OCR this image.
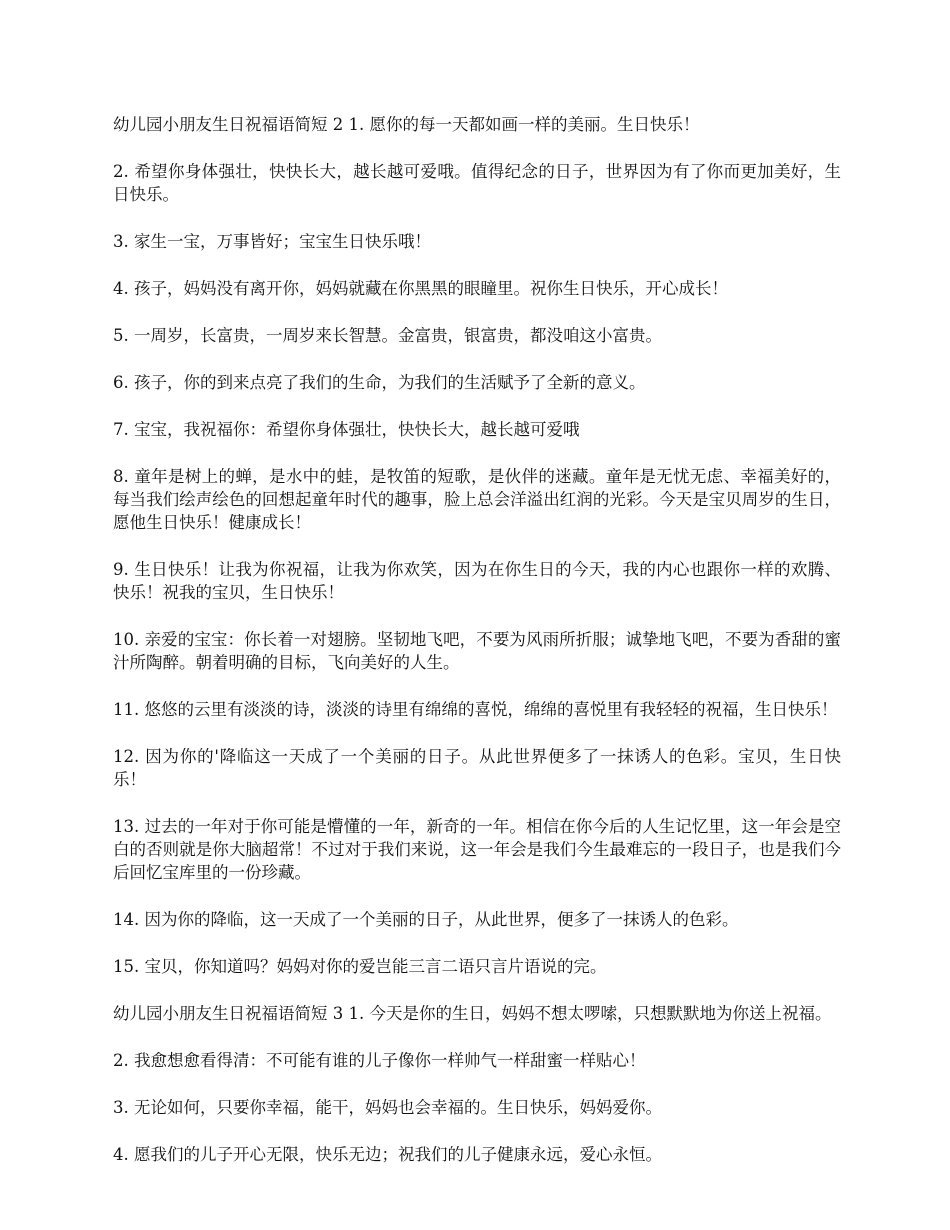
幼儿园小朋友生日祝福语简短 2 1. 愿你的每一天都如画一样的美丽。生日快乐！

2. 希望你身体强壮，快快长大，越长越可爱哦。值得纪念的日子，世界因为有了你而更加美好，生日快乐。

3. 家生一宝，万事皆好；宝宝生日快乐哦！

4. 孩子，妈妈没有离开你，妈妈就藏在你黑黑的眼瞳里。祝你生日快乐，开心成长！

5. 一周岁，长富贵，一周岁来长智慧。金富贵，银富贵，都没咱这小富贵。

6. 孩子，你的到来点亮了我们的生命，为我们的生活赋予了全新的意义。

7. 宝宝，我祝福你：希望你身体强壮，快快长大，越长越可爱哦

8. 童年是树上的蝉，是水中的蛙，是牧笛的短歌，是伙伴的迷藏。童年是无忧无虑、幸福美好的，每当我们绘声绘色的回想起童年时代的趣事，脸上总会洋溢出红润的光彩。今天是宝贝周岁的生日，愿他生日快乐！健康成长！

9. 生日快乐！让我为你祝福，让我为你欢笑，因为在你生日的今天，我的内心也跟你一样的欢腾、快乐！祝我的宝贝，生日快乐！

10. 亲爱的宝宝：你长着一对翅膀。坚韧地飞吧，不要为风雨所折服；诚挚地飞吧，不要为香甜的蜜汁所陶醉。朝着明确的目标，飞向美好的人生。

11. 悠悠的云里有淡淡的诗，淡淡的诗里有绵绵的喜悦，绵绵的喜悦里有我轻轻的祝福，生日快乐！

12. 因为你的'降临这一天成了一个美丽的日子。从此世界便多了一抹诱人的色彩。宝贝，生日快乐！

13. 过去的一年对于你可能是懵懂的一年，新奇的一年。相信在你今后的人生记忆里，这一年会是空白的否则就是你大脑超常！不过对于我们来说，这一年会是我们今生最难忘的一段日子，也是我们今后回忆宝库里的一份珍藏。

14. 因为你的降临，这一天成了一个美丽的日子，从此世界，便多了一抹诱人的色彩。

15. 宝贝，你知道吗？妈妈对你的爱岂能三言二语只言片语说的完。

幼儿园小朋友生日祝福语简短 3 1. 今天是你的生日，妈妈不想太啰嗦，只想默默地为你送上祝福。

2. 我愈想愈看得清：不可能有谁的儿子像你一样帅气一样甜蜜一样贴心！

3. 无论如何，只要你幸福，能干，妈妈也会幸福的。生日快乐，妈妈爱你。

4. 愿我们的儿子开心无限，快乐无边；祝我们的儿子健康永远，爱心永恒。
